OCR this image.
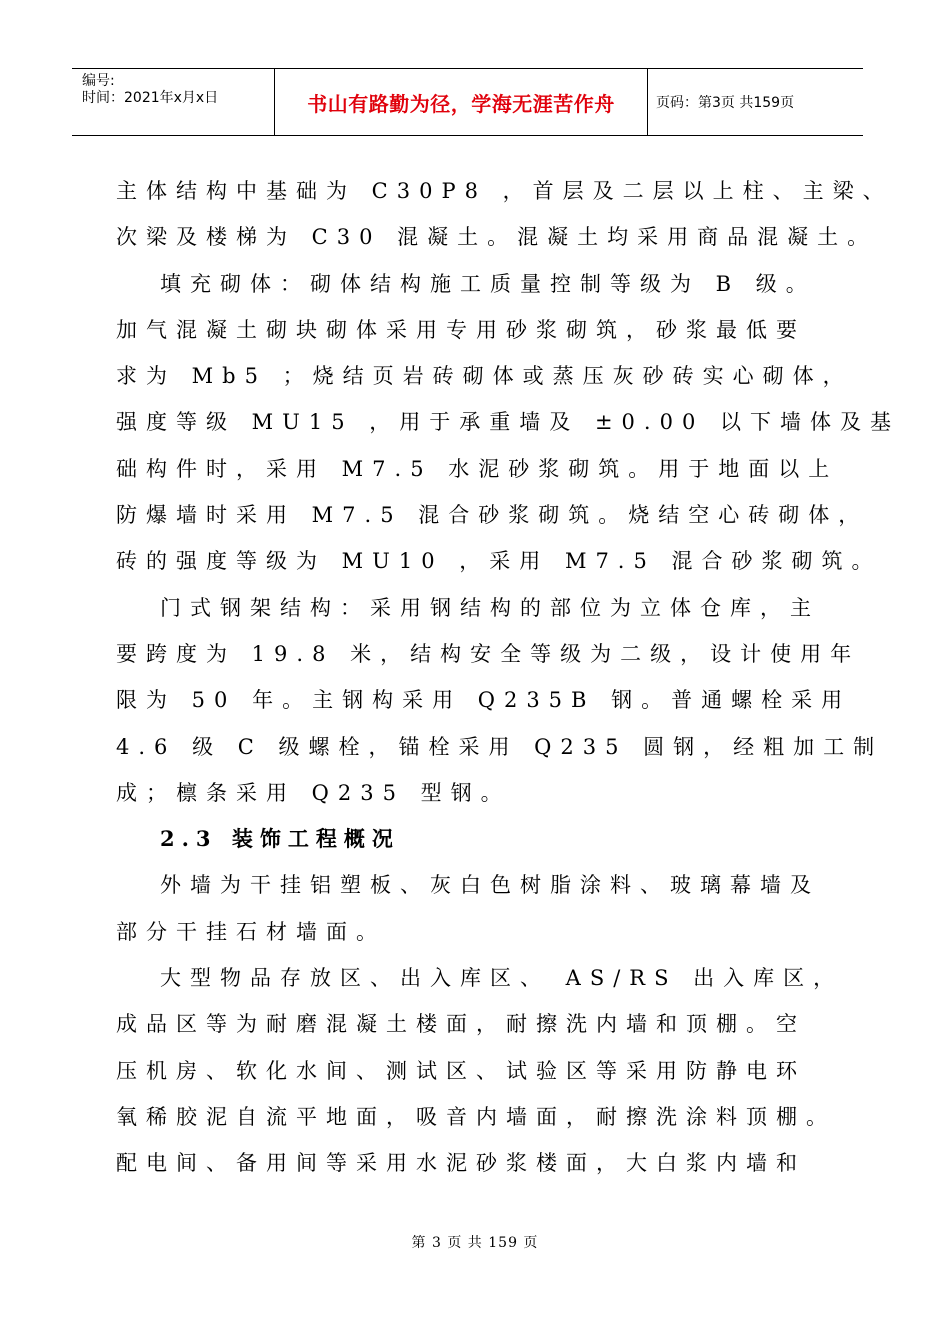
编号:
时间：2021年x月x日	书山有路勤为径，学海无涯苦作舟	页码：第3页 共159页
主体结构中基础为 C30P8 ，首层及二层以上柱、主梁、
次梁及楼梯为 C30 混凝土。混凝土均采用商品混凝土。
填充砌体：砌体结构施工质量控制等级为 B 级。
加气混凝土砌块砌体采用专用砂浆砌筑，砂浆最低要
求为 Mb5 ；烧结页岩砖砌体或蒸压灰砂砖实心砌体，
强度等级 MU15 ，用于承重墙及 ±0.00 以下墙体及基
础构件时，采用 M7.5 水泥砂浆砌筑。用于地面以上
防爆墙时采用 M7.5 混合砂浆砌筑。烧结空心砖砌体，
砖的强度等级为 MU10 ，采用 M7.5 混合砂浆砌筑。
门式钢架结构：采用钢结构的部位为立体仓库，主
要跨度为 19.8 米，结构安全等级为二级，设计使用年
限为 50 年。主钢构采用 Q235B 钢。普通螺栓采用
4.6 级 C 级螺栓，锚栓采用 Q235 圆钢，经粗加工制
成；檩条采用 Q235 型钢。
2.3 装饰工程概况
外墙为干挂铝塑板、灰白色树脂涂料、玻璃幕墙及
部分干挂石材墙面。
大型物品存放区、出入库区、 AS/RS 出入库区，
成品区等为耐磨混凝土楼面，耐擦洗内墙和顶棚。空
压机房、软化水间、测试区、试验区等采用防静电环
氧稀胶泥自流平地面，吸音内墙面，耐擦洗涂料顶棚。
配电间、备用间等采用水泥砂浆楼面，大白浆内墙和
第 3 页 共 159 页
